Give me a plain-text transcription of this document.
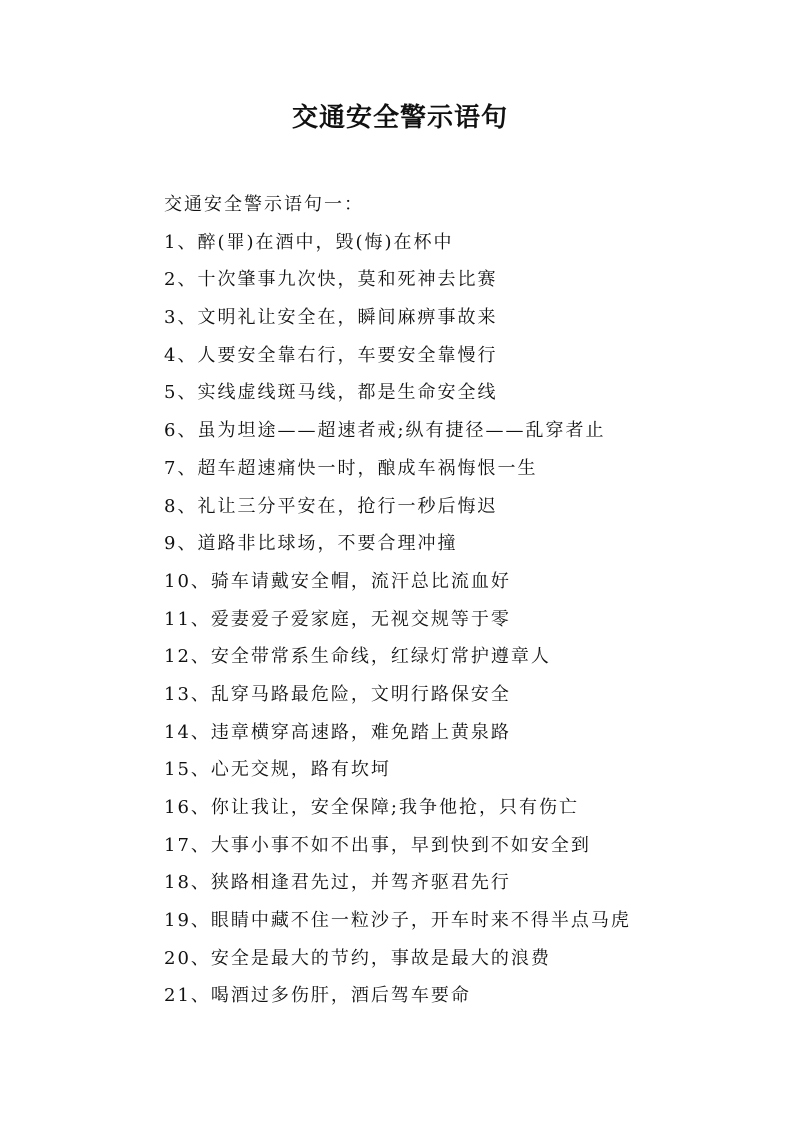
交通安全警示语句
交通安全警示语句一：
1、醉(罪)在酒中，毁(悔)在杯中
2、十次肇事九次快，莫和死神去比赛
3、文明礼让安全在，瞬间麻痹事故来
4、人要安全靠右行，车要安全靠慢行
5、实线虚线斑马线，都是生命安全线
6、虽为坦途——超速者戒;纵有捷径——乱穿者止
7、超车超速痛快一时，酿成车祸悔恨一生
8、礼让三分平安在，抢行一秒后悔迟
9、道路非比球场，不要合理冲撞
10、骑车请戴安全帽，流汗总比流血好
11、爱妻爱子爱家庭，无视交规等于零
12、安全带常系生命线，红绿灯常护遵章人
13、乱穿马路最危险，文明行路保安全
14、违章横穿高速路，难免踏上黄泉路
15、心无交规，路有坎坷
16、你让我让，安全保障;我争他抢，只有伤亡
17、大事小事不如不出事，早到快到不如安全到
18、狭路相逢君先过，并驾齐驱君先行
19、眼睛中藏不住一粒沙子，开车时来不得半点马虎
20、安全是最大的节约，事故是最大的浪费
21、喝酒过多伤肝，酒后驾车要命
